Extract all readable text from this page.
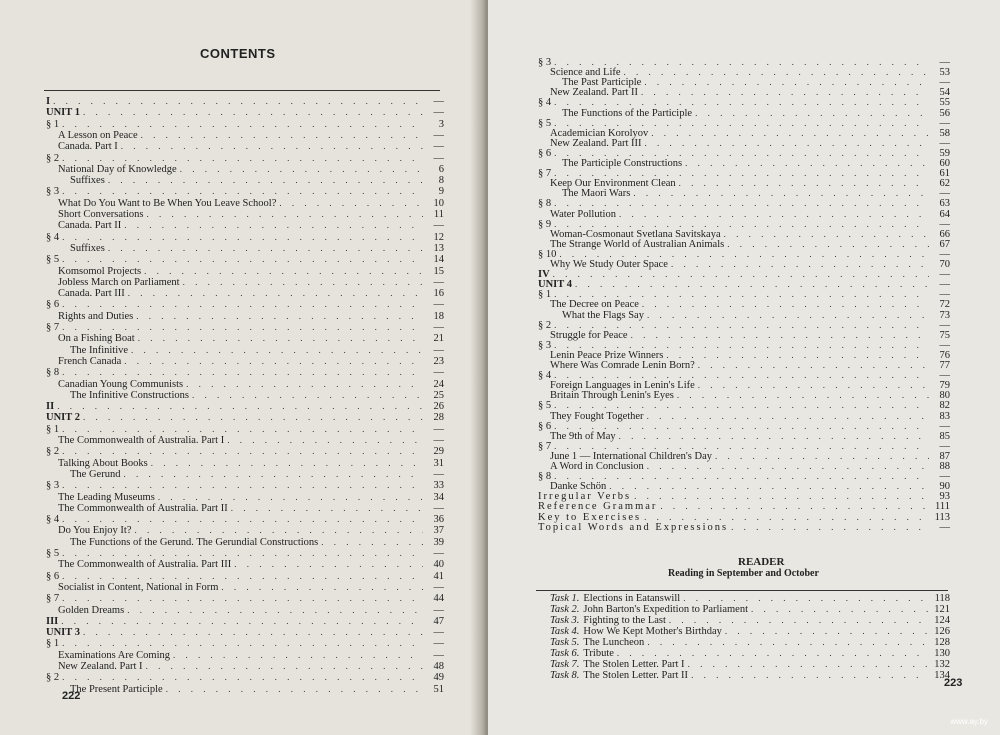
CONTENTS
I . . .	—
UNIT 1 . . .	—
§ 1 . . .	3
A Lesson on Peace . . .	—
Canada. Part I . . .	—
§ 2 . . .	—
National Day of Knowledge . . .	6
Suffixes . . .	8
§ 3 . . .	9
What Do You Want to Be When You Leave School? . . .	10
Short Conversations . . .	11
Canada. Part II . . .	—
§ 4 . . .	12
Suffixes . . .	13
§ 5 . . .	14
Komsomol Projects . . .	15
Jobless March on Parliament . . .	—
Canada. Part III . . .	16
§ 6 . . .	—
Rights and Duties . . .	18
§ 7 . . .	—
On a Fishing Boat . . .	21
The Infinitive . . .	—
French Canada . . .	23
§ 8 . . .	—
Canadian Young Communists . . .	24
The Infinitive Constructions . . .	25
II . . .	26
UNIT 2 . . .	28
§ 1 . . .	—
The Commonwealth of Australia. Part I . . .	—
§ 2 . . .	29
Talking About Books . . .	31
The Gerund . . .	—
§ 3 . . .	33
The Leading Museums . . .	34
The Commonwealth of Australia. Part II . . .	—
§ 4 . . .	36
Do You Enjoy It? . . .	37
The Functions of the Gerund. The Gerundial Constructions . . .	39
§ 5 . . .	—
The Commonwealth of Australia. Part III . . .	40
§ 6 . . .	41
Socialist in Content, National in Form . . .	—
§ 7 . . .	44
Golden Dreams . . .	—
III . . .	47
UNIT 3 . . .	—
§ 1 . . .	—
Examinations Are Coming . . .	—
New Zealand. Part I . . .	48
§ 2 . . .	49
The Present Participle . . .	51
222
§ 3 . . .	—
Science and Life . . .	53
The Past Participle . . .	—
New Zealand. Part II . . .	54
§ 4 . . .	55
The Functions of the Participle . . .	56
§ 5 . . .	—
Academician Korolyov . . .	58
New Zealand. Part III . . .	—
§ 6 . . .	59
The Participle Constructions . . .	60
§ 7 . . .	61
Keep Our Environment Clean . . .	62
The Maori Wars . . .	—
§ 8 . . .	63
Water Pollution . . .	64
§ 9 . . .	—
Woman-Cosmonaut Svetlana Savitskaya . . .	66
The Strange World of Australian Animals . . .	67
§ 10 . . .	—
Why We Study Outer Space . . .	70
IV . . .	—
UNIT 4 . . .	—
§ 1 . . .	—
The Decree on Peace . . .	72
What the Flags Say . . .	73
§ 2 . . .	—
Struggle for Peace . . .	75
§ 3 . . .	—
Lenin Peace Prize Winners . . .	76
Where Was Comrade Lenin Born? . . .	77
§ 4 . . .	—
Foreign Languages in Lenin's Life . . .	79
Britain Through Lenin's Eyes . . .	80
§ 5 . . .	82
They Fought Together . . .	83
§ 6 . . .	—
The 9th of May . . .	85
§ 7 . . .	—
June 1 — International Children's Day . . .	87
A Word in Conclusion . . .	88
§ 8 . . .	—
Danke Schön . . .	90
Irregular Verbs . . .	93
Reference Grammar . . .	111
Key to Exercises . . .	113
Topical Words and Expressions . . .	—
Task 1. Elections in Eatanswill . . .	118
Task 2. John Barton's Expedition to Parliament . . .	121
Task 3. Fighting to the Last . . .	124
Task 4. How We Kept Mother's Birthday . . .	126
Task 5. The Luncheon . . .	128
Task 6. Tribute . . .	130
Task 7. The Stolen Letter. Part I . . .	132
Task 8. The Stolen Letter. Part II . . .	134
223
READER
Reading in September and October
www.ay.by
